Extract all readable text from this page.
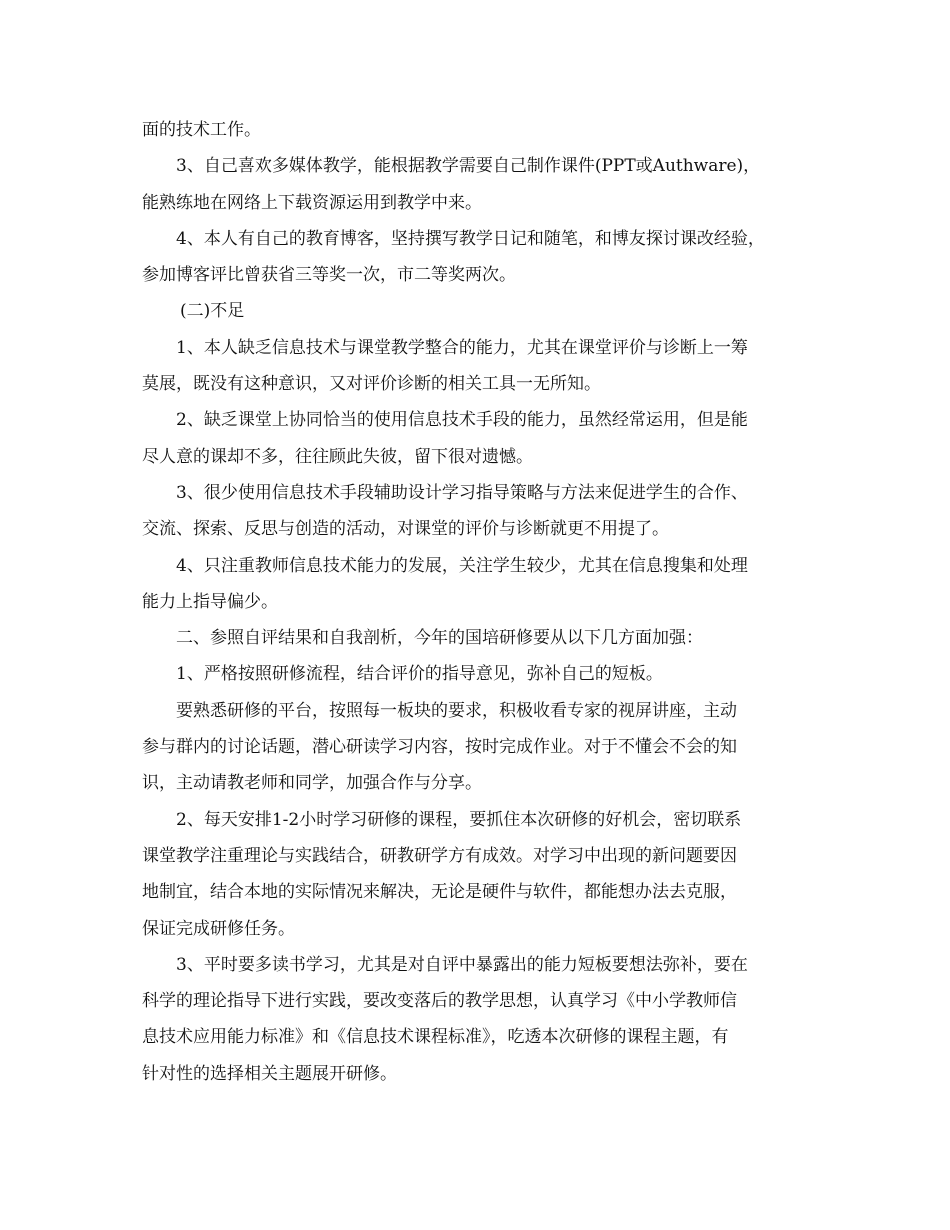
面的技术工作。
3、自己喜欢多媒体教学，能根据教学需要自己制作课件(PPT或Authware)，
能熟练地在网络上下载资源运用到教学中来。
4、本人有自己的教育博客，坚持撰写教学日记和随笔，和博友探讨课改经验，
参加博客评比曾获省三等奖一次，市二等奖两次。
(二)不足
1、本人缺乏信息技术与课堂教学整合的能力，尤其在课堂评价与诊断上一筹
莫展，既没有这种意识，又对评价诊断的相关工具一无所知。
2、缺乏课堂上协同恰当的使用信息技术手段的能力，虽然经常运用，但是能
尽人意的课却不多，往往顾此失彼，留下很对遗憾。
3、很少使用信息技术手段辅助设计学习指导策略与方法来促进学生的合作、
交流、探索、反思与创造的活动，对课堂的评价与诊断就更不用提了。
4、只注重教师信息技术能力的发展，关注学生较少，尤其在信息搜集和处理
能力上指导偏少。
二、参照自评结果和自我剖析，今年的国培研修要从以下几方面加强：
1、严格按照研修流程，结合评价的指导意见，弥补自己的短板。
要熟悉研修的平台，按照每一板块的要求，积极收看专家的视屏讲座，主动
参与群内的讨论话题，潜心研读学习内容，按时完成作业。对于不懂会不会的知
识，主动请教老师和同学，加强合作与分享。
2、每天安排1-2小时学习研修的课程，要抓住本次研修的好机会，密切联系
课堂教学注重理论与实践结合，研教研学方有成效。对学习中出现的新问题要因
地制宜，结合本地的实际情况来解决，无论是硬件与软件，都能想办法去克服，
保证完成研修任务。
3、平时要多读书学习，尤其是对自评中暴露出的能力短板要想法弥补，要在
科学的理论指导下进行实践，要改变落后的教学思想，认真学习《中小学教师信
息技术应用能力标准》和《信息技术课程标准》，吃透本次研修的课程主题，有
针对性的选择相关主题展开研修。
